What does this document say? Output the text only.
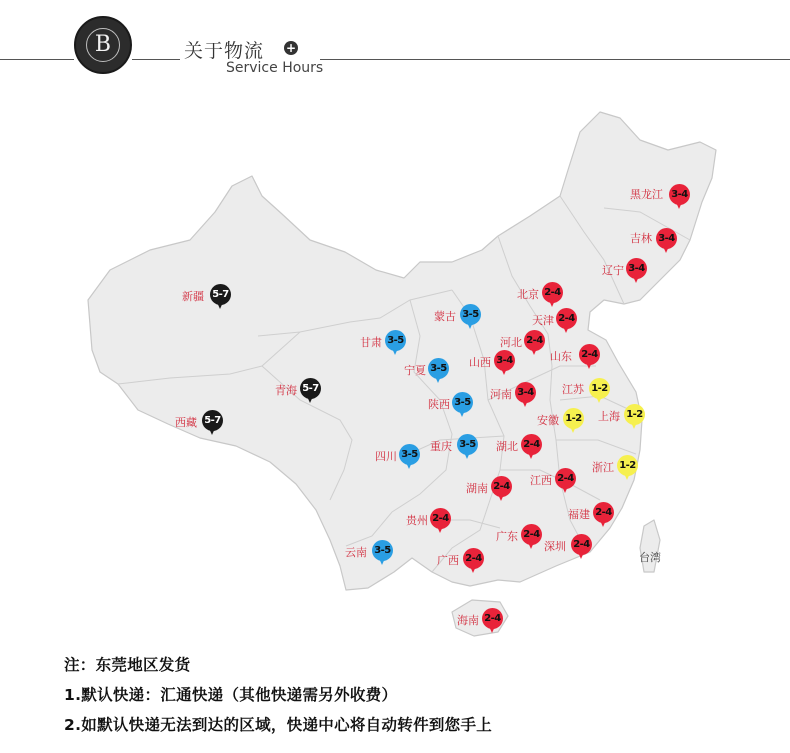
B	关于物流 +
Service Hours
黑龙江 3-4
吉林 3-4
辽宁 3-4
北京 2-4
天津 2-4
河北 2-4
山西 3-4	山东 2-4
河南 3-4	江苏 1-2
安徽 1-2 上海 1-2
浙江 1-2
湖北 2-4
江西 2-4
湖南 2-4
福建 2-4
贵州 2-4
广东 2-4
深圳 2-4
广西 2-4
海南 2-4
蒙古 3-5
甘肃 3-5
宁夏 3-5
陕西 3-5
重庆 3-5
四川 3-5
云南 3-5
新疆 5-7
青海 5-7
西藏 5-7
台湾
注：东莞地区发货
1.默认快递：汇通快递（其他快递需另外收费）
2.如默认快递无法到达的区域，快递中心将自动转件到您手上
